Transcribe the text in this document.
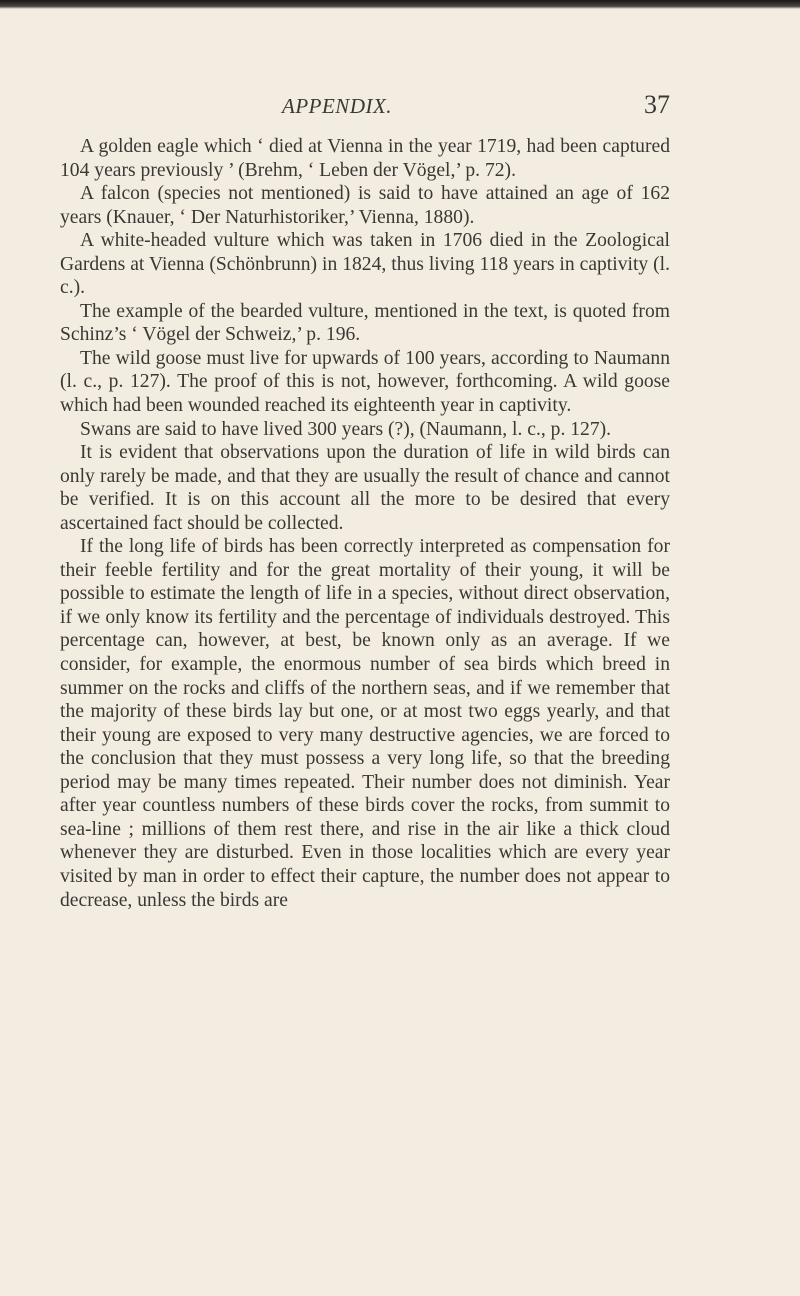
APPENDIX.	37

A golden eagle which ‘ died at Vienna in the year 1719, had been captured 104 years previously ’ (Brehm, ‘ Leben der Vögel,’ p. 72).

A falcon (species not mentioned) is said to have attained an age of 162 years (Knauer, ‘ Der Naturhistoriker,’ Vienna, 1880).

A white-headed vulture which was taken in 1706 died in the Zoological Gardens at Vienna (Schönbrunn) in 1824, thus living 118 years in captivity (l. c.).

The example of the bearded vulture, mentioned in the text, is quoted from Schinz’s ‘ Vögel der Schweiz,’ p. 196.

The wild goose must live for upwards of 100 years, according to Naumann (l. c., p. 127). The proof of this is not, however, forthcoming. A wild goose which had been wounded reached its eighteenth year in captivity.

Swans are said to have lived 300 years (?), (Naumann, l. c., p. 127).

It is evident that observations upon the duration of life in wild birds can only rarely be made, and that they are usually the result of chance and cannot be verified. It is on this account all the more to be desired that every ascertained fact should be collected.

If the long life of birds has been correctly interpreted as compensation for their feeble fertility and for the great mortality of their young, it will be possible to estimate the length of life in a species, without direct observation, if we only know its fertility and the percentage of individuals destroyed. This percentage can, however, at best, be known only as an average. If we consider, for example, the enormous number of sea birds which breed in summer on the rocks and cliffs of the northern seas, and if we remember that the majority of these birds lay but one, or at most two eggs yearly, and that their young are exposed to very many destructive agencies, we are forced to the conclusion that they must possess a very long life, so that the breeding period may be many times repeated. Their number does not diminish. Year after year countless numbers of these birds cover the rocks, from summit to sea-line ; millions of them rest there, and rise in the air like a thick cloud whenever they are disturbed. Even in those localities which are every year visited by man in order to effect their capture, the number does not appear to decrease, unless the birds are
